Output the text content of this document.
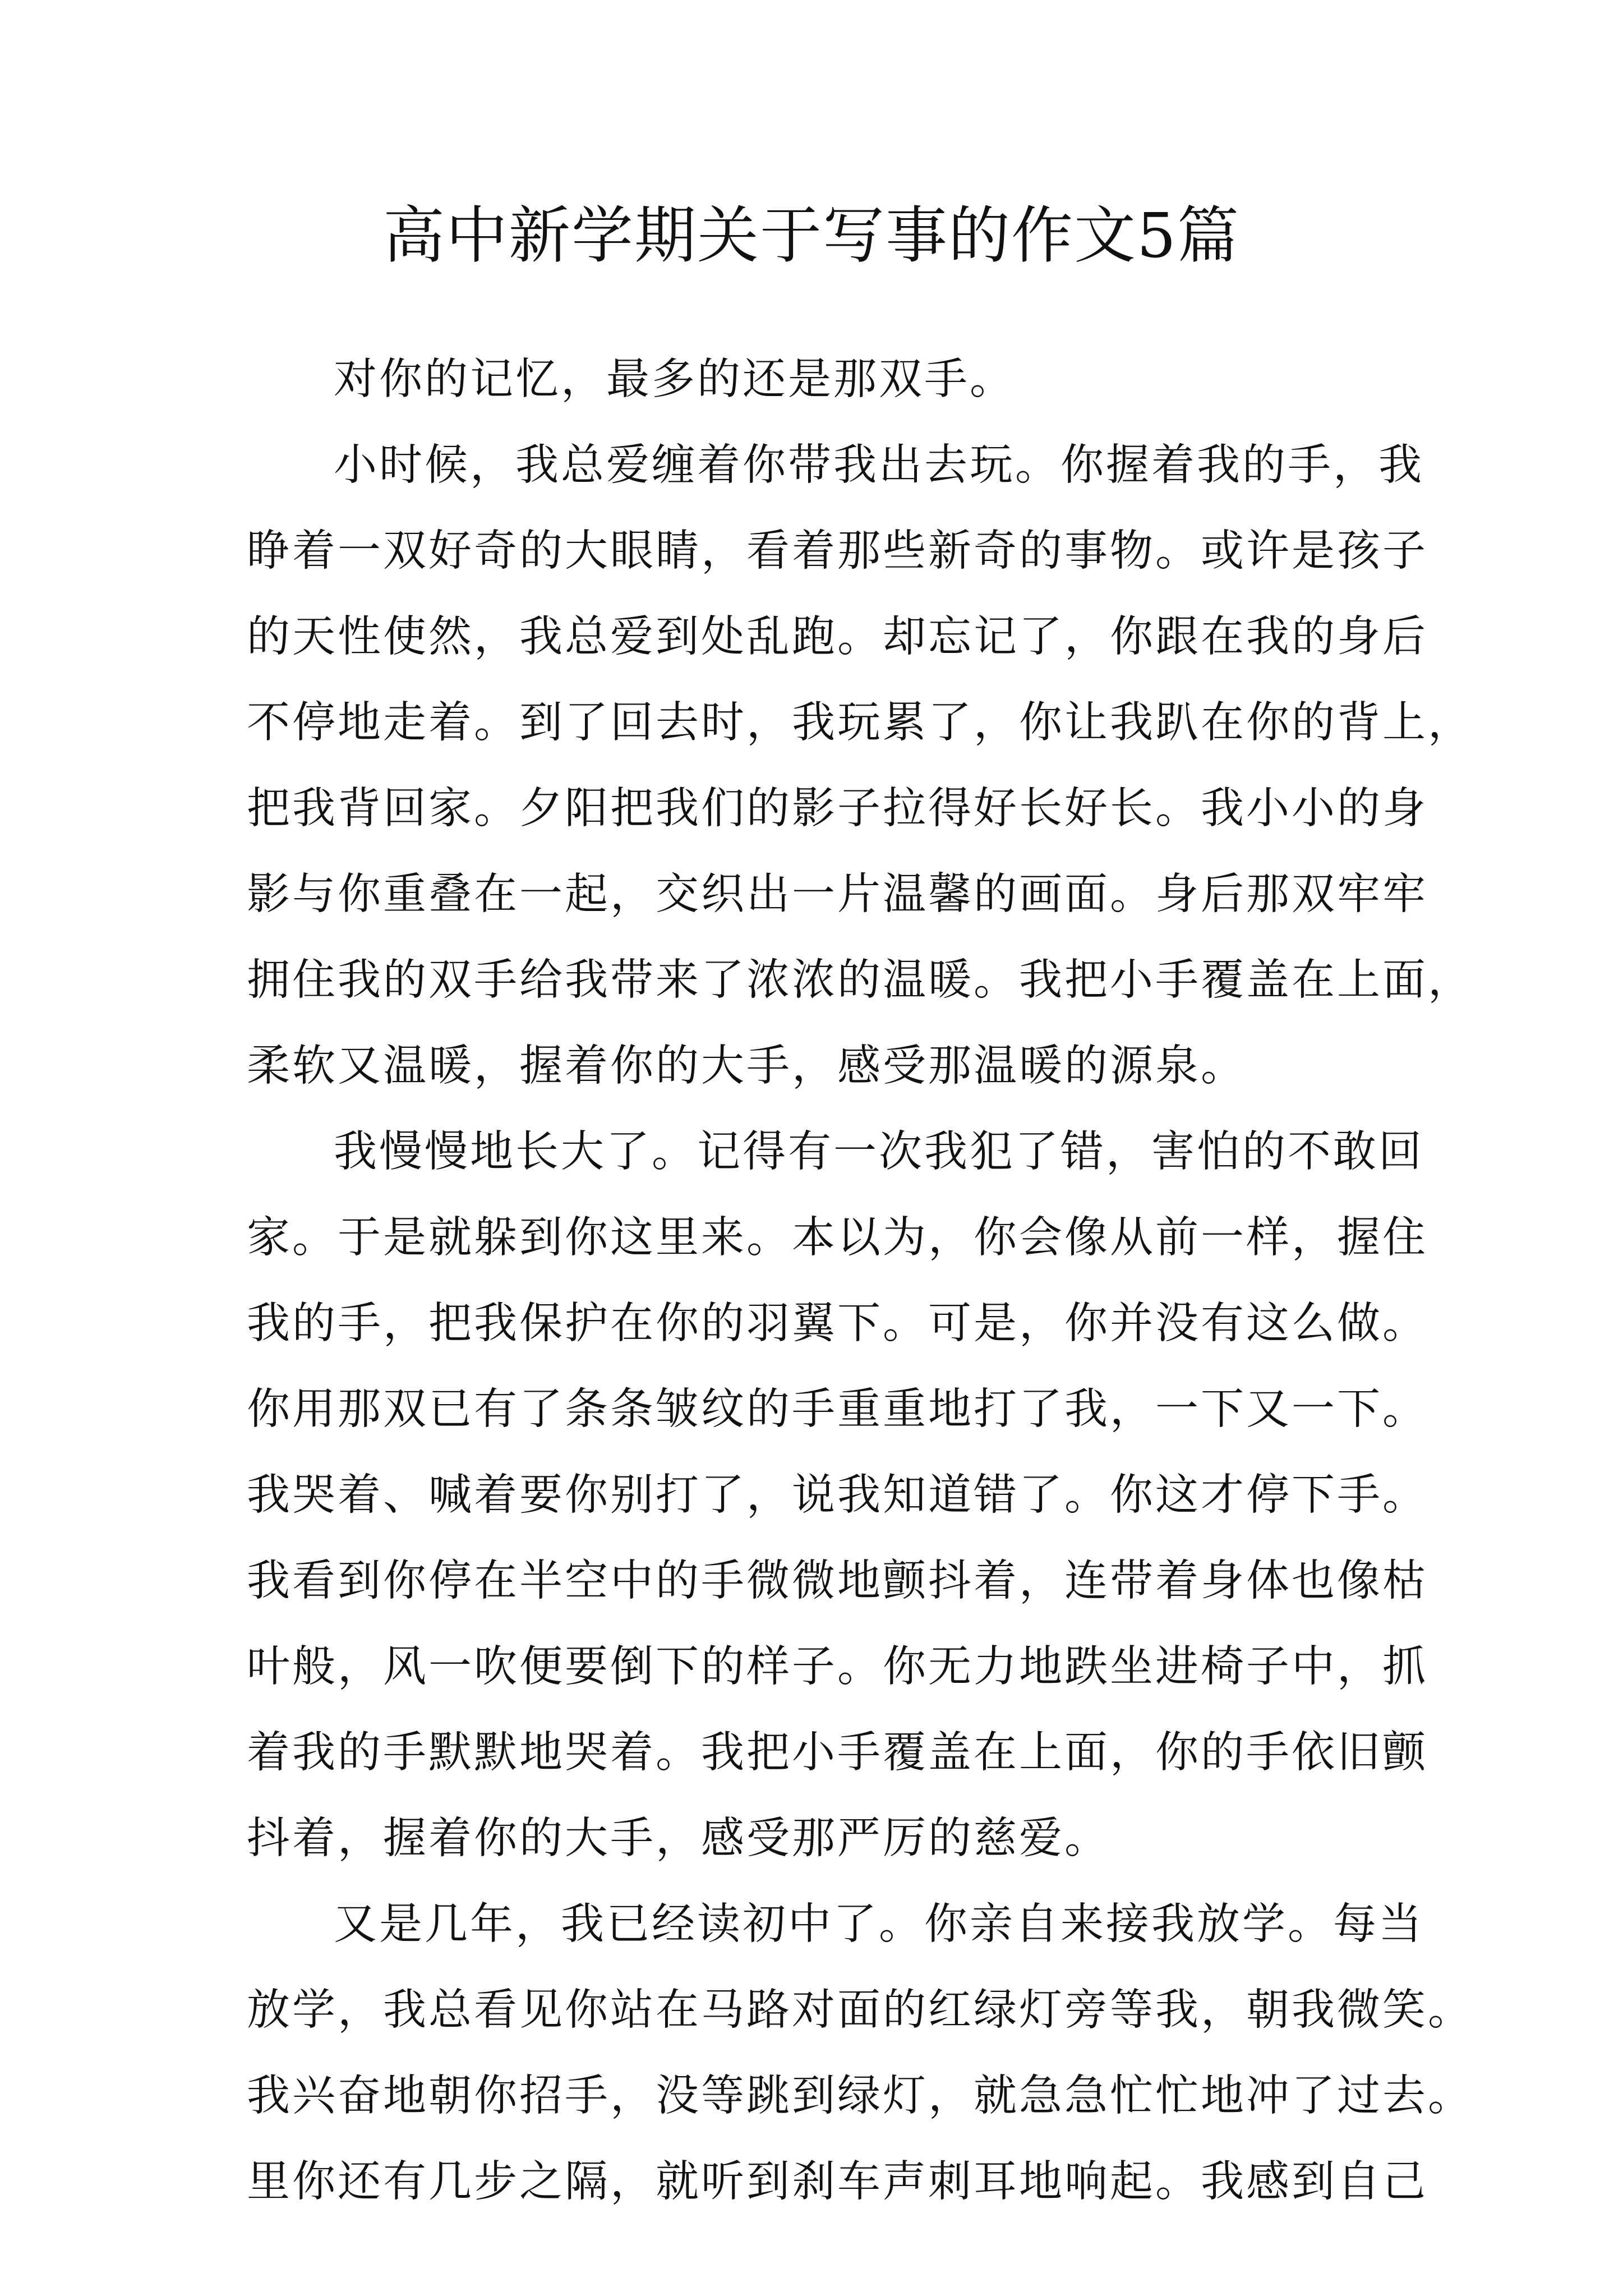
高中新学期关于写事的作文5篇
对你的记忆，最多的还是那双手。
小时候，我总爱缠着你带我出去玩。你握着我的手，我
睁着一双好奇的大眼睛，看着那些新奇的事物。或许是孩子
的天性使然，我总爱到处乱跑。却忘记了，你跟在我的身后
不停地走着。到了回去时，我玩累了，你让我趴在你的背上，
把我背回家。夕阳把我们的影子拉得好长好长。我小小的身
影与你重叠在一起，交织出一片温馨的画面。身后那双牢牢
拥住我的双手给我带来了浓浓的温暖。我把小手覆盖在上面，
柔软又温暖，握着你的大手，感受那温暖的源泉。
我慢慢地长大了。记得有一次我犯了错，害怕的不敢回
家。于是就躲到你这里来。本以为，你会像从前一样，握住
我的手，把我保护在你的羽翼下。可是，你并没有这么做。
你用那双已有了条条皱纹的手重重地打了我，一下又一下。
我哭着、喊着要你别打了，说我知道错了。你这才停下手。
我看到你停在半空中的手微微地颤抖着，连带着身体也像枯
叶般，风一吹便要倒下的样子。你无力地跌坐进椅子中，抓
着我的手默默地哭着。我把小手覆盖在上面，你的手依旧颤
抖着，握着你的大手，感受那严厉的慈爱。
又是几年，我已经读初中了。你亲自来接我放学。每当
放学，我总看见你站在马路对面的红绿灯旁等我，朝我微笑。
我兴奋地朝你招手，没等跳到绿灯，就急急忙忙地冲了过去。
里你还有几步之隔，就听到刹车声刺耳地响起。我感到自己
